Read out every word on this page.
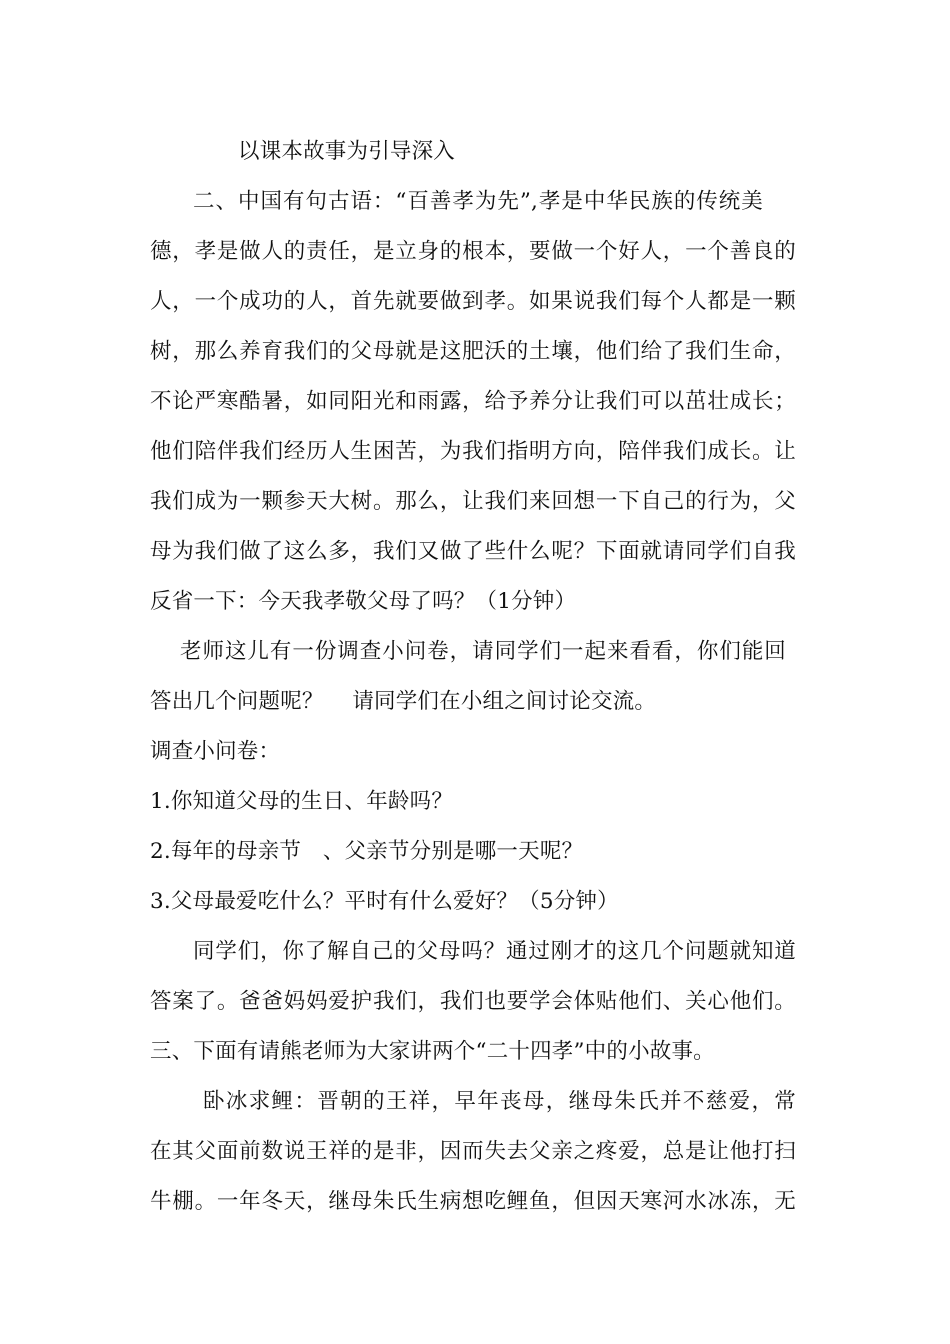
以课本故事为引导深入
二、中国有句古语：“百善孝为先”,孝是中华民族的传统美
德，孝是做人的责任，是立身的根本，要做一个好人，一个善良的
人，一个成功的人，首先就要做到孝。如果说我们每个人都是一颗
树，那么养育我们的父母就是这肥沃的土壤，他们给了我们生命，
不论严寒酷暑，如同阳光和雨露，给予养分让我们可以茁壮成长；
他们陪伴我们经历人生困苦，为我们指明方向，陪伴我们成长。让
我们成为一颗参天大树。那么，让我们来回想一下自己的行为，父
母为我们做了这么多，我们又做了些什么呢？下面就请同学们自我
反省一下：今天我孝敬父母了吗？（1分钟）
老师这儿有一份调查小问卷，请同学们一起来看看，你们能回
答出几个问题呢？　 请同学们在小组之间讨论交流。
调查小问卷：
1.你知道父母的生日、年龄吗？
2.每年的母亲节　、父亲节分别是哪一天呢？
3.父母最爱吃什么？平时有什么爱好？（5分钟）
同学们，你了解自己的父母吗？通过刚才的这几个问题就知道
答案了。爸爸妈妈爱护我们，我们也要学会体贴他们、关心他们。
三、下面有请熊老师为大家讲两个“二十四孝”中的小故事。
卧冰求鲤：晋朝的王祥，早年丧母，继母朱氏并不慈爱，常
在其父面前数说王祥的是非，因而失去父亲之疼爱，总是让他打扫
牛棚。一年冬天，继母朱氏生病想吃鲤鱼，但因天寒河水冰冻，无
